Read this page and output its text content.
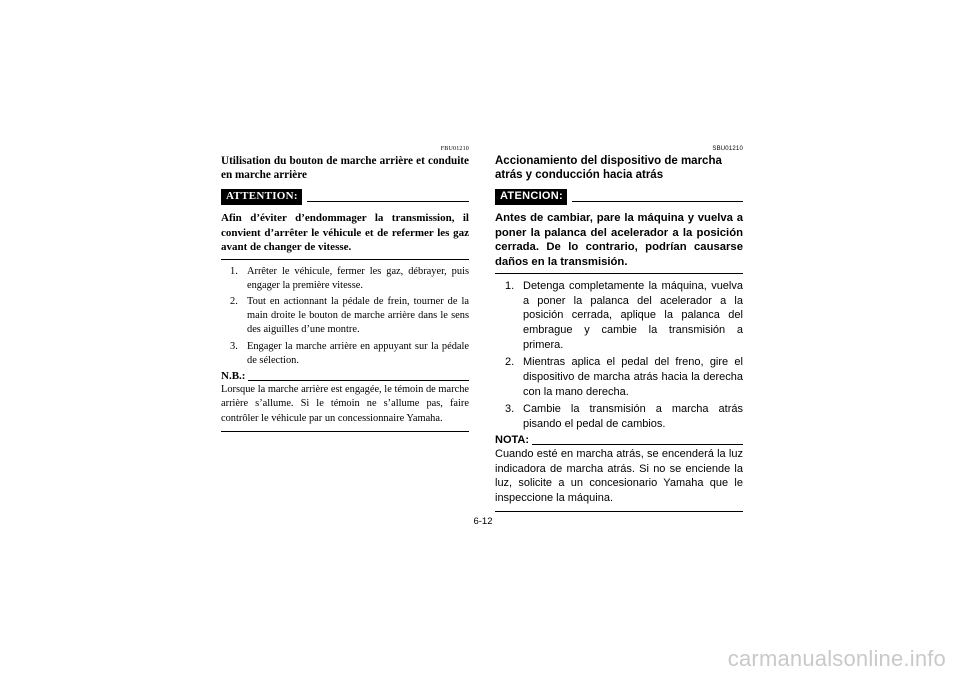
FBU01210
Utilisation du bouton de marche arrière et conduite en marche arrière
ATTENTION:
Afin d’éviter d’endommager la transmission, il convient d’arrêter le véhicule et de refermer les gaz avant de changer de vitesse.
1. Arrêter le véhicule, fermer les gaz, débrayer, puis engager la première vitesse.
2. Tout en actionnant la pédale de frein, tourner de la main droite le bouton de marche arrière dans le sens des aiguilles d’une montre.
3. Engager la marche arrière en appuyant sur la pédale de sélection.
N.B.:
Lorsque la marche arrière est engagée, le témoin de marche arrière s’allume. Si le témoin ne s’allume pas, faire contrôler le véhicule par un concessionnaire Yamaha.
SBU01210
Accionamiento del dispositivo de marcha atrás y conducción hacia atrás
ATENCION:
Antes de cambiar, pare la máquina y vuelva a poner la palanca del acelerador a la posición cerrada. De lo contrario, podrían causarse daños en la transmisión.
1. Detenga completamente la máquina, vuelva a poner la palanca del acelerador a la posición cerrada, aplique la palanca del embrague y cambie la transmisión a primera.
2. Mientras aplica el pedal del freno, gire el dispositivo de marcha atrás hacia la derecha con la mano derecha.
3. Cambie la transmisión a marcha atrás pisando el pedal de cambios.
NOTA:
Cuando esté en marcha atrás, se encenderá la luz indicadora de marcha atrás. Si no se enciende la luz, solicite a un concesionario Yamaha que le inspeccione la máquina.
6-12
carmanualsonline.info
